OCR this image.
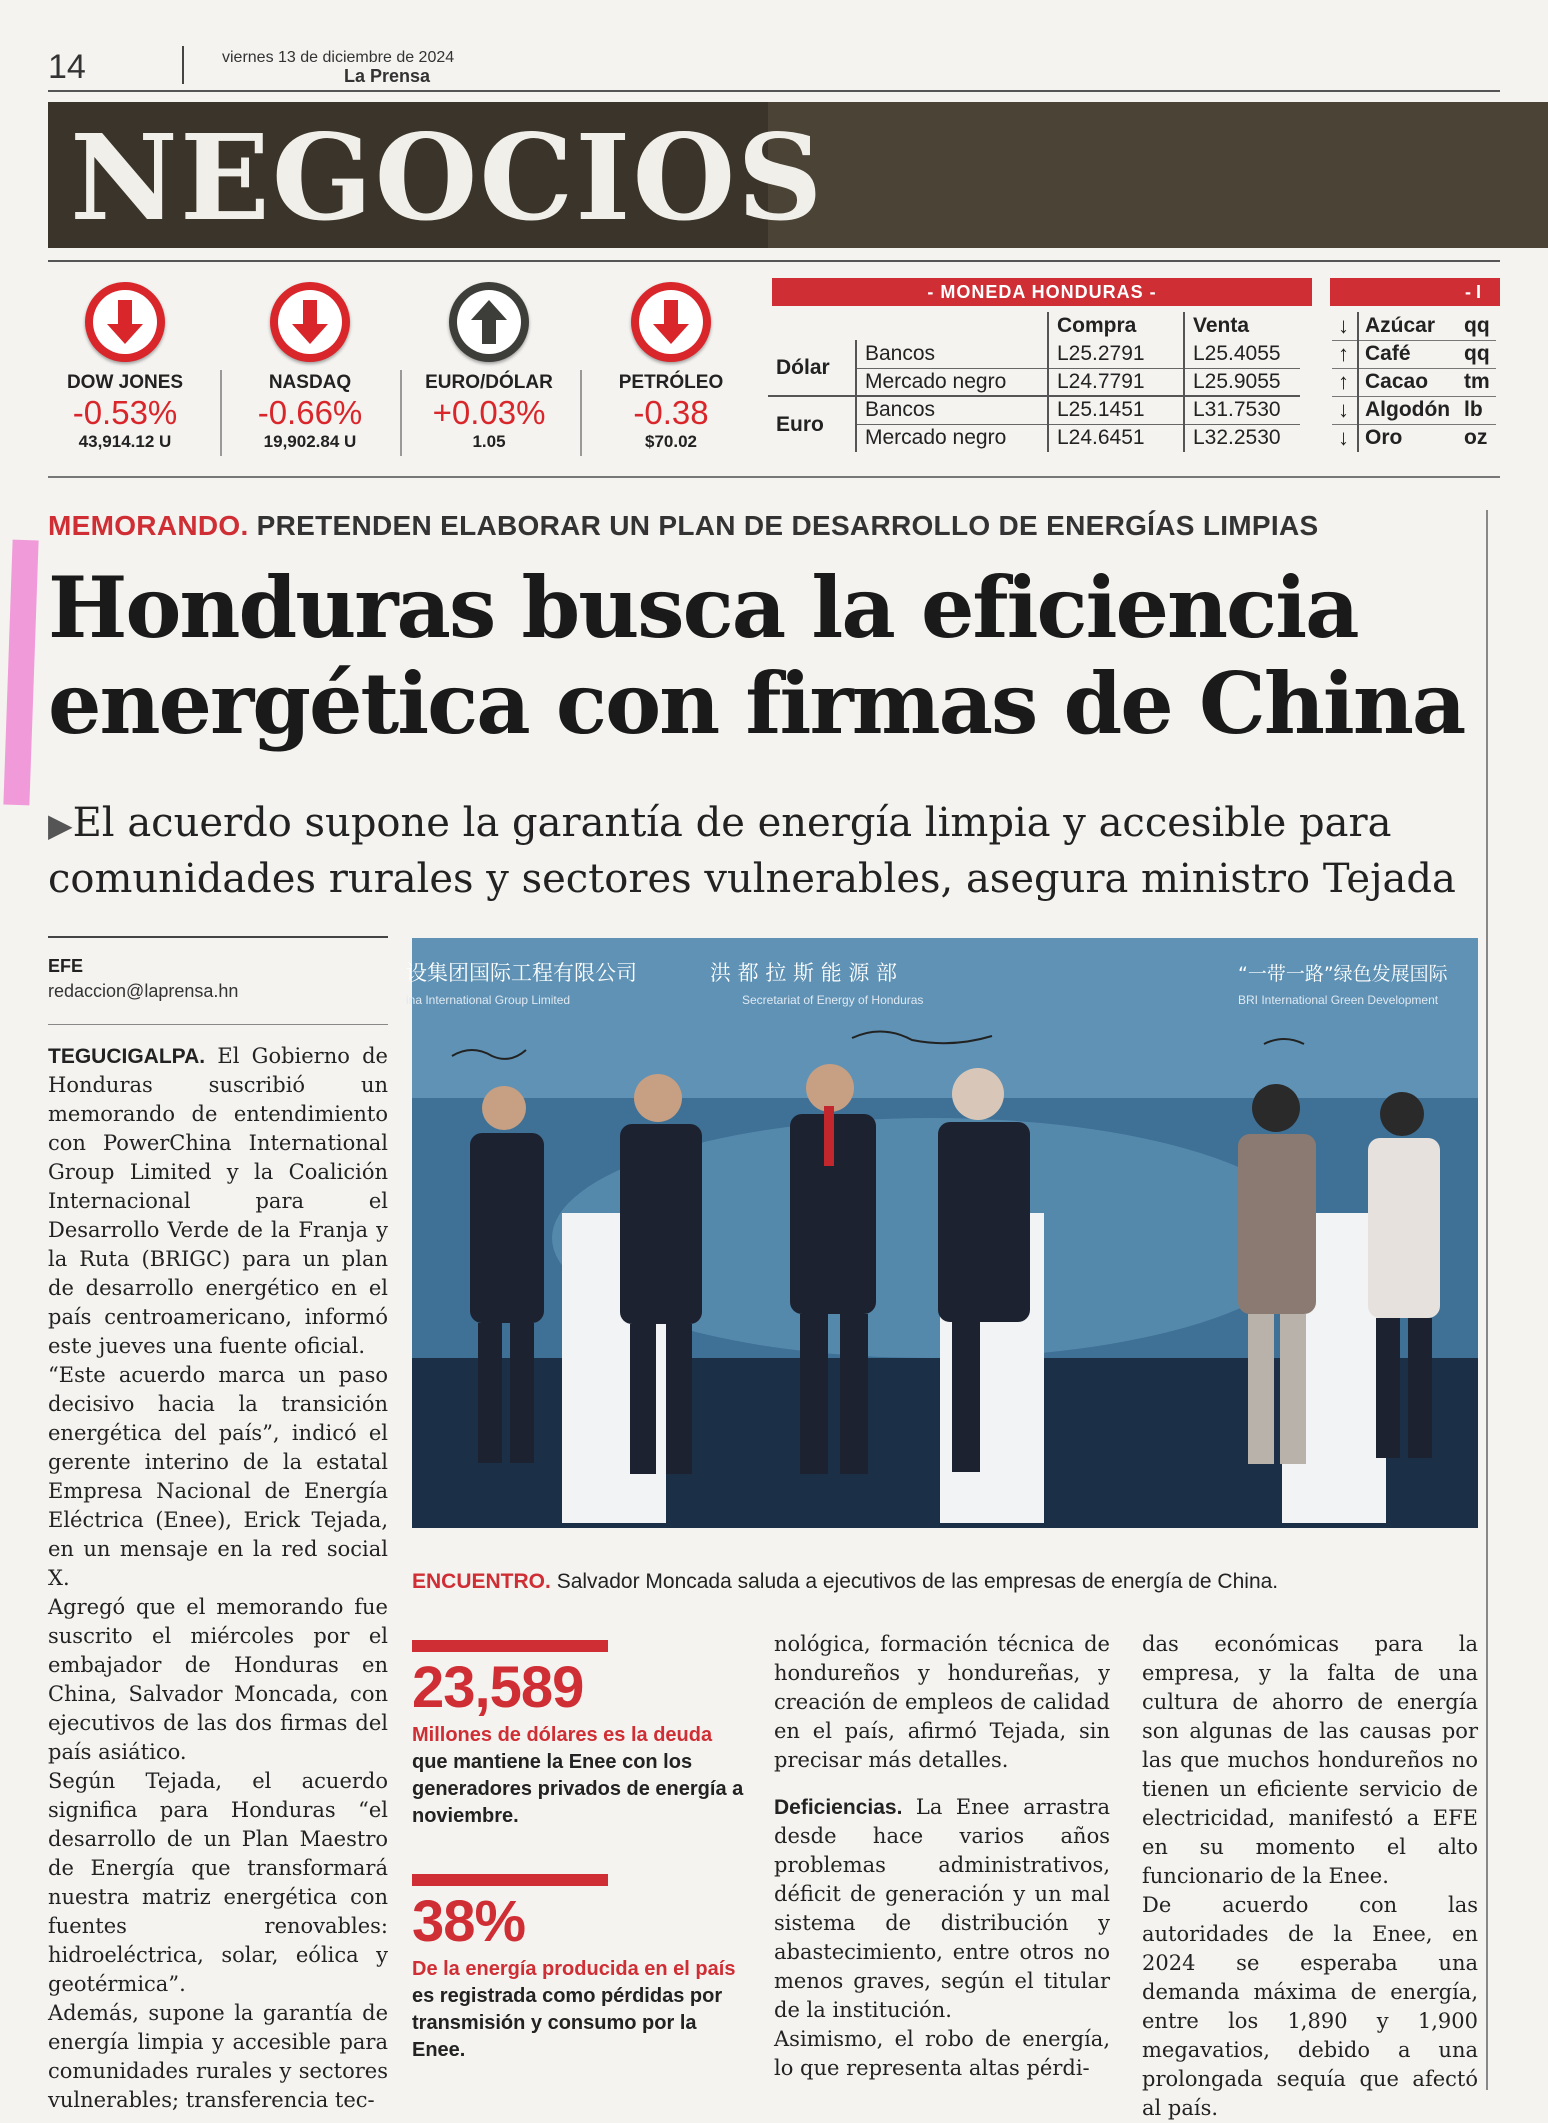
14	viernes 13 de diciembre de 2024
La Prensa
NEGOCIOS
DOW JONES
-0.53%
43,914.12 U
NASDAQ
-0.66%
19,902.84 U
EURO/DÓLAR
+0.03%
1.05
PETRÓLEO
-0.38
$70.02
- MONEDA HONDURAS -
		Compra	Venta
Dólar	Bancos	L25.2791	L25.4055
	Mercado negro	L24.7791	L25.9055
Euro	Bancos	L25.1451	L31.7530
	Mercado negro	L24.6451	L32.2530
- I
↓	Azúcar	qq
↑	Café	qq
↑	Cacao	tm
↓	Algodón	lb
↓	Oro	oz
MEMORANDO. PRETENDEN ELABORAR UN PLAN DE DESARROLLO DE ENERGÍAS LIMPIAS
Honduras busca la eficiencia energética con firmas de China
▶El acuerdo supone la garantía de energía limpia y accesible para comunidades rurales y sectores vulnerables, asegura ministro Tejada
EFE
redaccion@laprensa.hn

TEGUCIGALPA. El Gobierno de Honduras suscribió un memorando de entendimiento con PowerChina International Group Limited y la Coalición Internacional para el Desarrollo Verde de la Franja y la Ruta (BRIGC) para un plan de desarrollo energético en el país centroamericano, informó este jueves una fuente oficial.

“Este acuerdo marca un paso decisivo hacia la transición energética del país”, indicó el gerente interino de la estatal Empresa Nacional de Energía Eléctrica (Enee), Erick Tejada, en un mensaje en la red social X.

Agregó que el memorando fue suscrito el miércoles por el embajador de Honduras en China, Salvador Moncada, con ejecutivos de las dos firmas del país asiático.

Según Tejada, el acuerdo significa para Honduras “el desarrollo de un Plan Maestro de Energía que transformará nuestra matriz energética con fuentes renovables: hidroeléctrica, solar, eólica y geotérmica”.

Además, supone la garantía de energía limpia y accesible para comunidades rurales y sectores vulnerables; transferencia tec-

设集团国际工程有限公司
ina International Group Limited
洪 都 拉 斯 能 源 部
Secretariat of Energy of Honduras
“一带一路”绿色发展国际
BRI International Green Development
ENCUENTRO. Salvador Moncada saluda a ejecutivos de las empresas de energía de China.
23,589
Millones de dólares es la deuda que mantiene la Enee con los generadores privados de energía a noviembre.
38%
De la energía producida en el país es registrada como pérdidas por transmisión y consumo por la Enee.

nológica, formación técnica de hondureños y hondureñas, y creación de empleos de calidad en el país, afirmó Tejada, sin precisar más detalles.

Deficiencias. La Enee arrastra desde hace varios años problemas administrativos, déficit de generación y un mal sistema de distribución y abastecimiento, entre otros no menos graves, según el titular de la institución.

Asimismo, el robo de energía, lo que representa altas pérdi-

das económicas para la empresa, y la falta de una cultura de ahorro de energía son algunas de las causas por las que muchos hondureños no tienen un eficiente servicio de electricidad, manifestó a EFE en su momento el alto funcionario de la Enee.

De acuerdo con las autoridades de la Enee, en 2024 se esperaba una demanda máxima de energía, entre los 1,890 y 1,900 megavatios, debido a una prolongada sequía que afectó al país.
